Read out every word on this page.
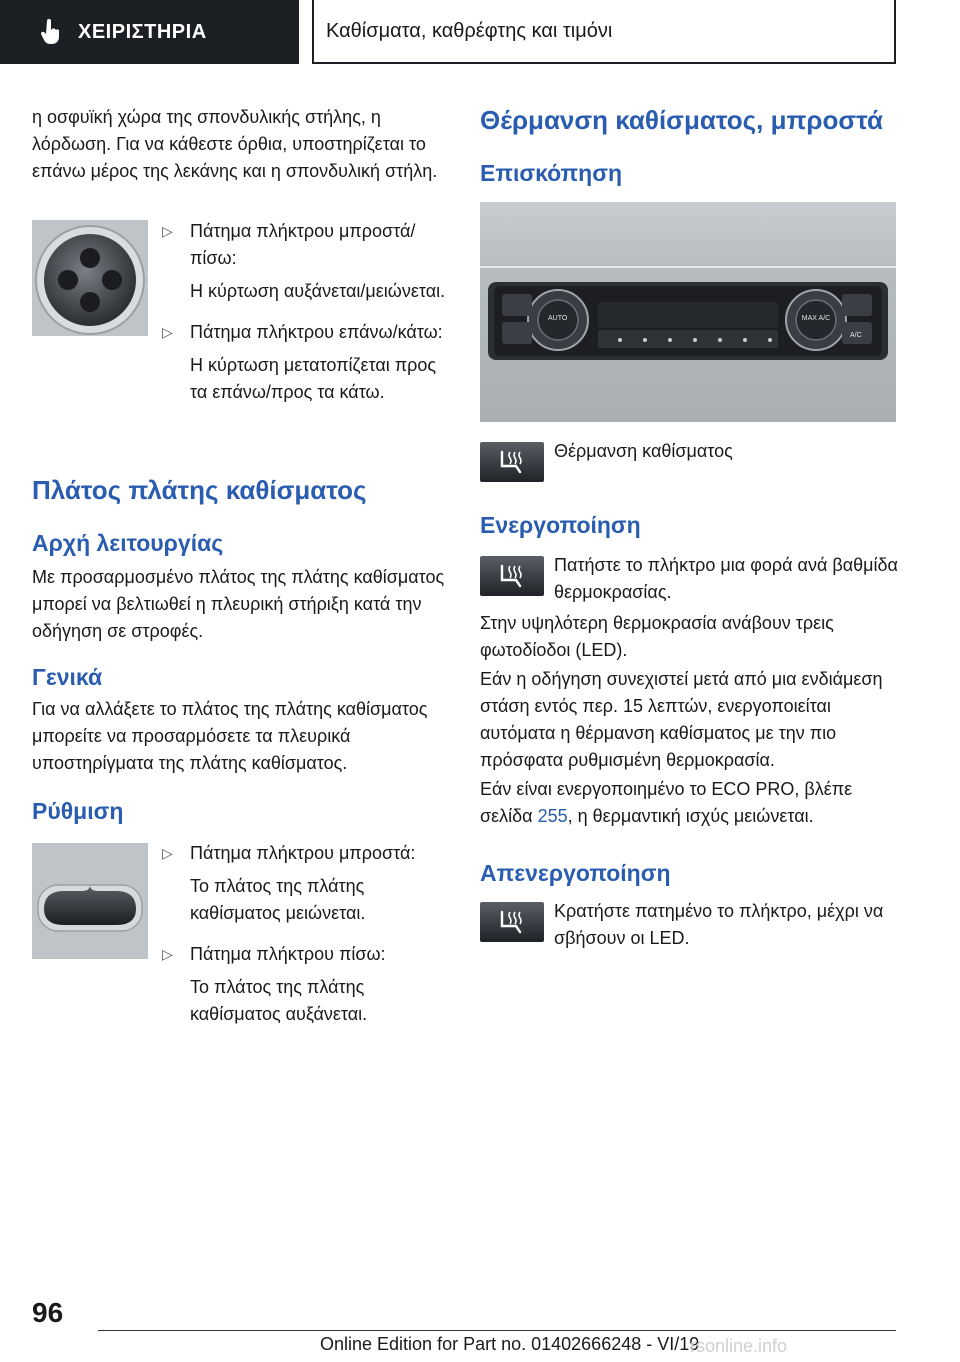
ΧΕΙΡΙΣΤΗΡΙΑ	Καθίσματα, καθρέφτης και τιμόνι

η οσφυϊκή χώρα της σπονδυλικής στήλης, η λόρδωση. Για να κάθεστε όρθια, υποστηρίζεται το επάνω μέρος της λεκάνης και η σπονδυλική στήλη.

▷ Πάτημα πλήκτρου μπροστά/πίσω:
Η κύρτωση αυξάνεται/μειώνεται.
▷ Πάτημα πλήκτρου επάνω/κάτω:
Η κύρτωση μετατοπίζεται προς τα επάνω/προς τα κάτω.
Πλάτος πλάτης καθίσματος
Αρχή λειτουργίας

Με προσαρμοσμένο πλάτος της πλάτης καθίσματος μπορεί να βελτιωθεί η πλευρική στήριξη κατά την οδήγηση σε στροφές.

Γενικά

Για να αλλάξετε το πλάτος της πλάτης καθίσματος μπορείτε να προσαρμόσετε τα πλευρικά υποστηρίγματα της πλάτης καθίσματος.

Ρύθμιση
▷ Πάτημα πλήκτρου μπροστά:
Το πλάτος της πλάτης καθίσματος μειώνεται.
▷ Πάτημα πλήκτρου πίσω:
Το πλάτος της πλάτης καθίσματος αυξάνεται.
Θέρμανση καθίσματος, μπροστά
Επισκόπηση
AUTO	MAX A/C
A/C

Θέρμανση καθίσματος

Ενεργοποίηση

Πατήστε το πλήκτρο μια φορά ανά βαθμίδα θερμοκρασίας.

Στην υψηλότερη θερμοκρασία ανάβουν τρεις φωτοδίοδοι (LED).

Εάν η οδήγηση συνεχιστεί μετά από μια ενδιάμεση στάση εντός περ. 15 λεπτών, ενεργοποιείται αυτόματα η θέρμανση καθίσματος με την πιο πρόσφατα ρυθμισμένη θερμοκρασία.

Εάν είναι ενεργοποιημένο το ECO PRO, βλέπε σελίδα 255, η θερμαντική ισχύς μειώνεται.

Απενεργοποίηση

Κρατήστε πατημένο το πλήκτρο, μέχρι να σβήσουν οι LED.

96
Online Edition for Part no. 01402666248 - VI/19
rsonline.info
